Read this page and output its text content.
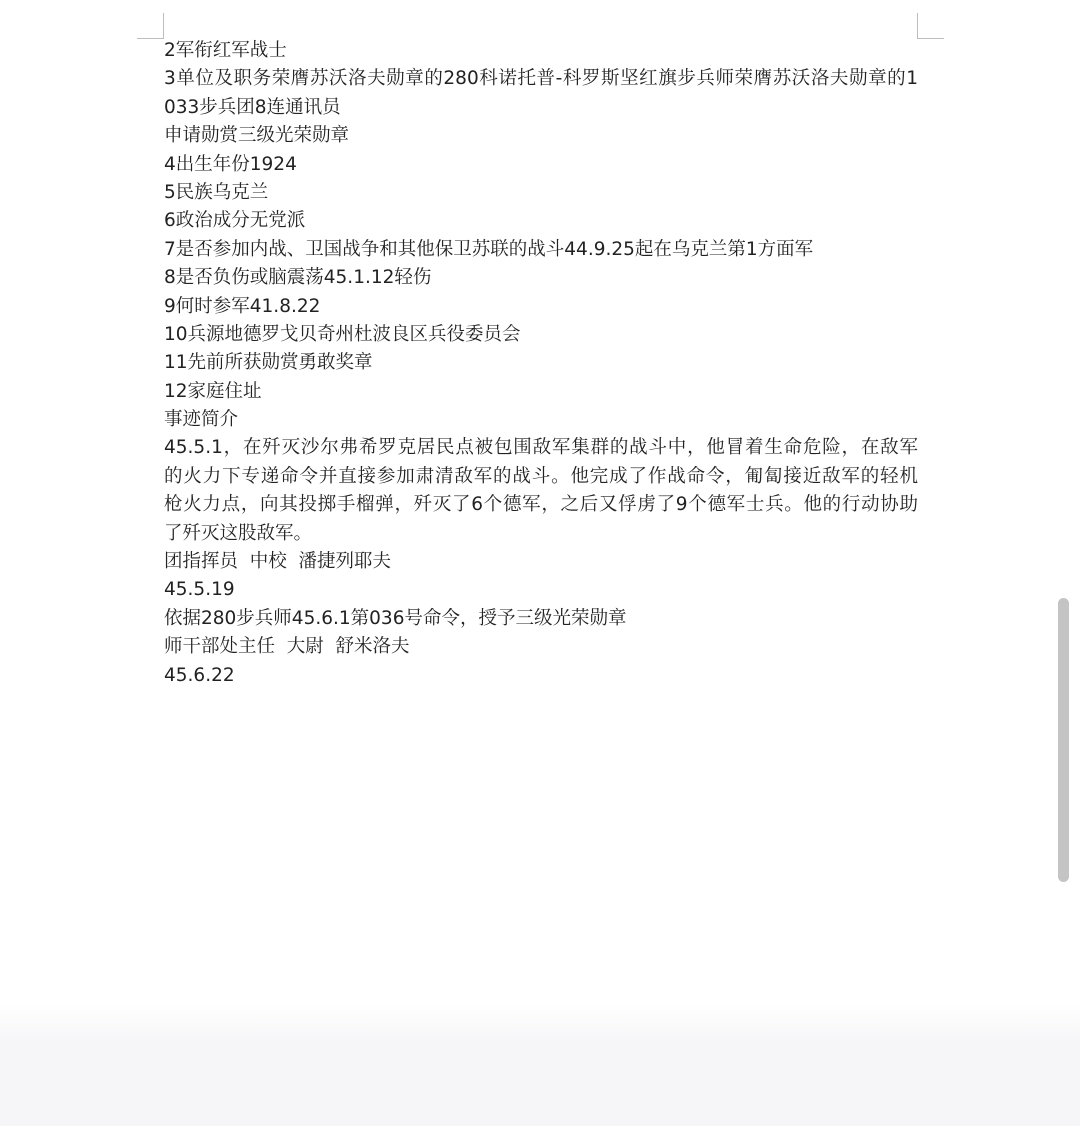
2军衔红军战士
3单位及职务荣膺苏沃洛夫勋章的280科诺托普-科罗斯坚红旗步兵师荣膺苏沃洛夫勋章的1
033步兵团8连通讯员
申请勋赏三级光荣勋章
4出生年份1924
5民族乌克兰
6政治成分无党派
7是否参加内战、卫国战争和其他保卫苏联的战斗44.9.25起在乌克兰第1方面军
8是否负伤或脑震荡45.1.12轻伤
9何时参军41.8.22
10兵源地德罗戈贝奇州杜波良区兵役委员会
11先前所获勋赏勇敢奖章
12家庭住址
事迹简介
45.5.1，在歼灭沙尔弗希罗克居民点被包围敌军集群的战斗中，他冒着生命危险，在敌军
的火力下专递命令并直接参加肃清敌军的战斗。他完成了作战命令，匍匐接近敌军的轻机
枪火力点，向其投掷手榴弹，歼灭了6个德军，之后又俘虏了9个德军士兵。他的行动协助
了歼灭这股敌军。
团指挥员  中校  潘捷列耶夫
45.5.19
依据280步兵师45.6.1第036号命令，授予三级光荣勋章
师干部处主任  大尉  舒米洛夫
45.6.22
